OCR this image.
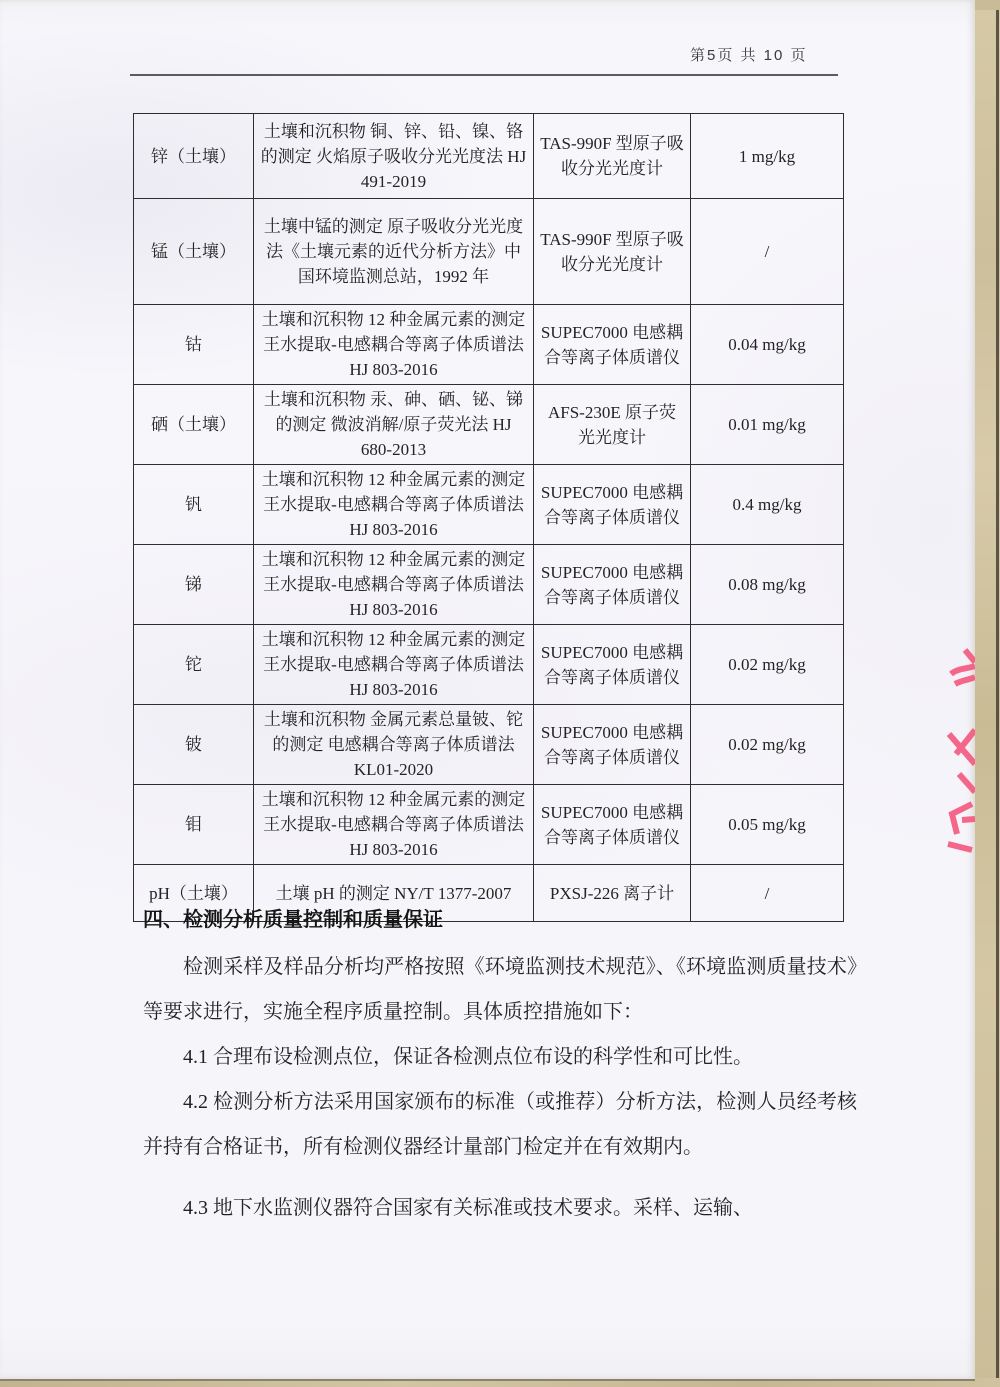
第5页 共 10 页
锌（土壤）	土壤和沉积物 铜、锌、铅、镍、铬的测定 火焰原子吸收分光光度法 HJ 491-2019	TAS-990F 型原子吸收分光光度计	1 mg/kg
锰（土壤）	土壤中锰的测定 原子吸收分光光度法《土壤元素的近代分析方法》中国环境监测总站，1992 年	TAS-990F 型原子吸收分光光度计	/
钴	土壤和沉积物 12 种金属元素的测定 王水提取-电感耦合等离子体质谱法 HJ 803-2016	SUPEC7000 电感耦合等离子体质谱仪	0.04 mg/kg
硒（土壤）	土壤和沉积物 汞、砷、硒、铋、锑的测定 微波消解/原子荧光法 HJ 680-2013	AFS-230E 原子荧光光度计	0.01 mg/kg
钒	土壤和沉积物 12 种金属元素的测定 王水提取-电感耦合等离子体质谱法 HJ 803-2016	SUPEC7000 电感耦合等离子体质谱仪	0.4 mg/kg
锑	土壤和沉积物 12 种金属元素的测定 王水提取-电感耦合等离子体质谱法 HJ 803-2016	SUPEC7000 电感耦合等离子体质谱仪	0.08 mg/kg
铊	土壤和沉积物 12 种金属元素的测定 王水提取-电感耦合等离子体质谱法 HJ 803-2016	SUPEC7000 电感耦合等离子体质谱仪	0.02 mg/kg
铍	土壤和沉积物 金属元素总量铍、铊的测定 电感耦合等离子体质谱法 KL01-2020	SUPEC7000 电感耦合等离子体质谱仪	0.02 mg/kg
钼	土壤和沉积物 12 种金属元素的测定 王水提取-电感耦合等离子体质谱法 HJ 803-2016	SUPEC7000 电感耦合等离子体质谱仪	0.05 mg/kg
pH（土壤）	土壤 pH 的测定 NY/T 1377-2007	PXSJ-226 离子计	/
四、检测分析质量控制和质量保证

检测采样及样品分析均严格按照《环境监测技术规范》、《环境监测质量技术》等要求进行，实施全程序质量控制。具体质控措施如下：

4.1 合理布设检测点位，保证各检测点位布设的科学性和可比性。

4.2 检测分析方法采用国家颁布的标准（或推荐）分析方法，检测人员经考核并持有合格证书，所有检测仪器经计量部门检定并在有效期内。

4.3 地下水监测仪器符合国家有关标准或技术要求。采样、运输、
